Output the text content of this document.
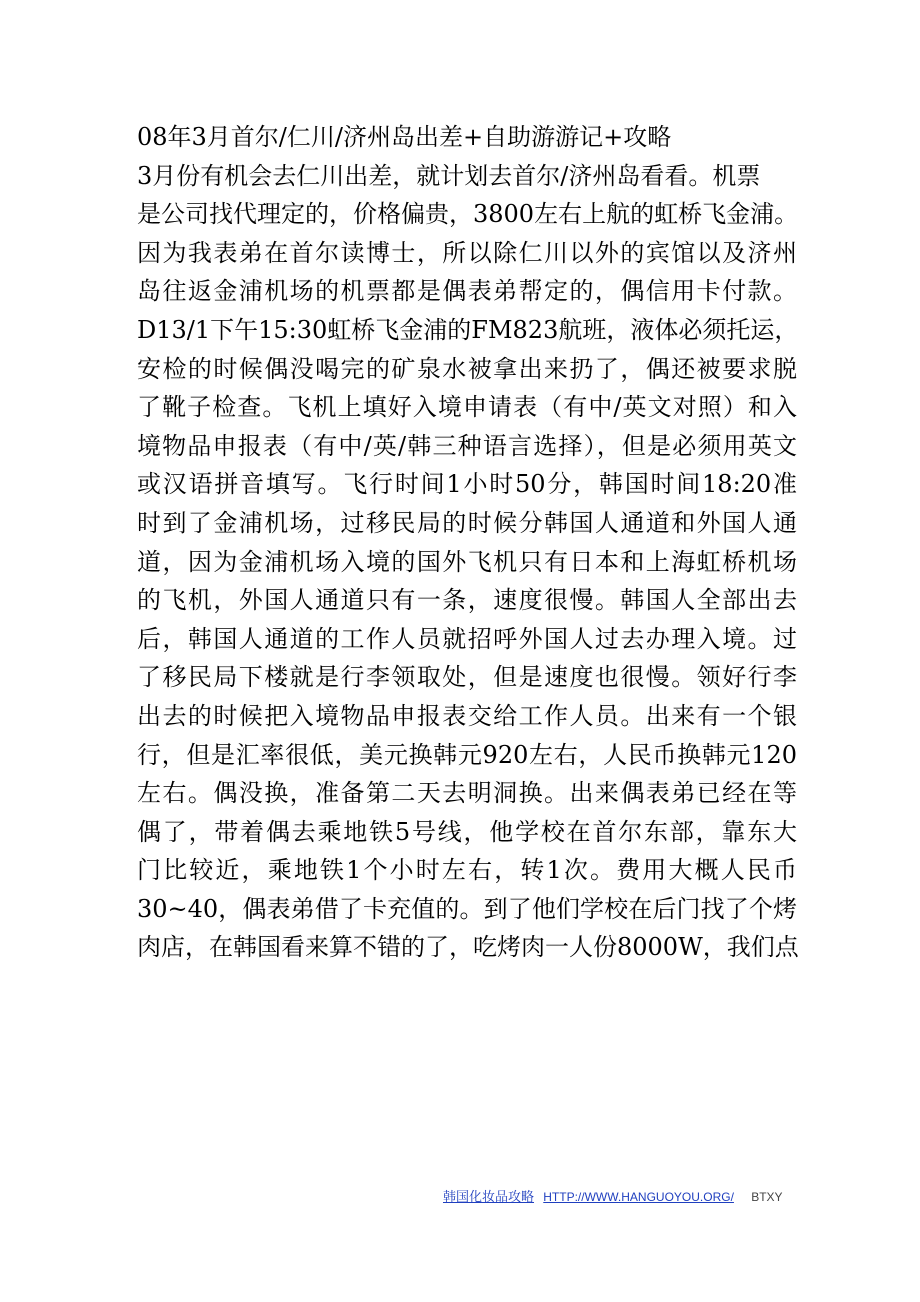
08年3月首尔/仁川/济州岛出差+自助游游记+攻略
3月份有机会去仁川出差，就计划去首尔/济州岛看看。机票
是公司找代理定的，价格偏贵，3800左右上航的虹桥飞金浦。
因为我表弟在首尔读博士，所以除仁川以外的宾馆以及济州
岛往返金浦机场的机票都是偶表弟帮定的，偶信用卡付款。
D13/1下午15:30虹桥飞金浦的FM823航班，液体必须托运，
安检的时候偶没喝完的矿泉水被拿出来扔了，偶还被要求脱
了靴子检查。飞机上填好入境申请表（有中/英文对照）和入
境物品申报表（有中/英/韩三种语言选择），但是必须用英文
或汉语拼音填写。飞行时间1小时50分，韩国时间18:20准
时到了金浦机场，过移民局的时候分韩国人通道和外国人通
道，因为金浦机场入境的国外飞机只有日本和上海虹桥机场
的飞机，外国人通道只有一条，速度很慢。韩国人全部出去
后，韩国人通道的工作人员就招呼外国人过去办理入境。过
了移民局下楼就是行李领取处，但是速度也很慢。领好行李
出去的时候把入境物品申报表交给工作人员。出来有一个银
行，但是汇率很低，美元换韩元920左右，人民币换韩元120
左右。偶没换，准备第二天去明洞换。出来偶表弟已经在等
偶了，带着偶去乘地铁5号线，他学校在首尔东部，靠东大
门比较近，乘地铁1个小时左右，转1次。费用大概人民币
30~40，偶表弟借了卡充值的。到了他们学校在后门找了个烤
肉店，在韩国看来算不错的了，吃烤肉一人份8000W，我们点
韩国化妆品攻略 HTTP://WWW.HANGUOYOU.ORG/ BTXY
